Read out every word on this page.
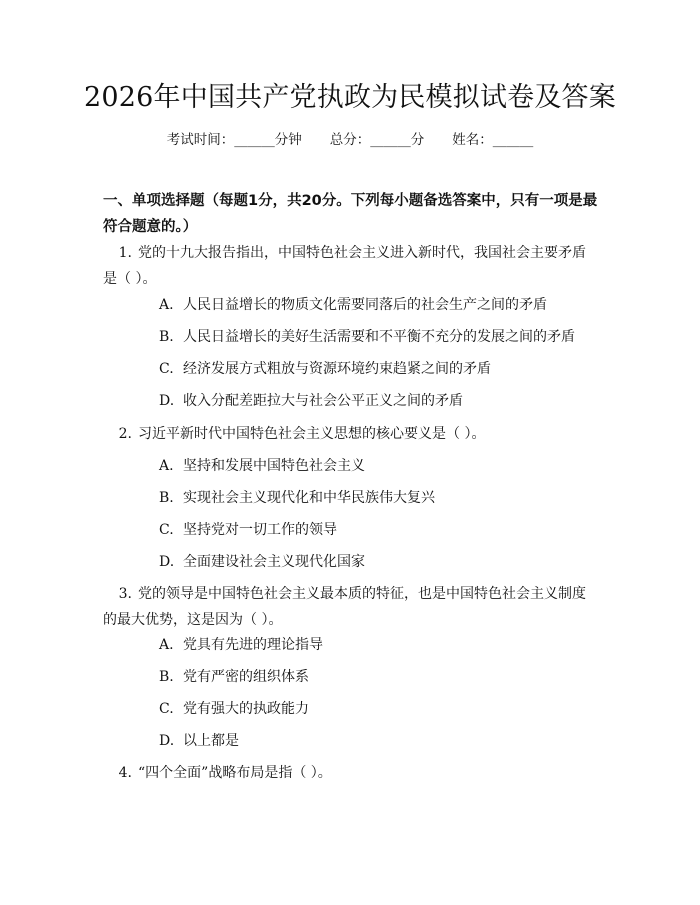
2026年中国共产党执政为民模拟试卷及答案
考试时间：______分钟 总分：______分 姓名：______
一、单项选择题（每题1分，共20分。下列每小题备选答案中，只有一项是最符合题意的。）
1. 党的十九大报告指出，中国特色社会主义进入新时代，我国社会主要矛盾是（ ）。
A. 人民日益增长的物质文化需要同落后的社会生产之间的矛盾
B. 人民日益增长的美好生活需要和不平衡不充分的发展之间的矛盾
C. 经济发展方式粗放与资源环境约束趋紧之间的矛盾
D. 收入分配差距拉大与社会公平正义之间的矛盾
2. 习近平新时代中国特色社会主义思想的核心要义是（ ）。
A. 坚持和发展中国特色社会主义
B. 实现社会主义现代化和中华民族伟大复兴
C. 坚持党对一切工作的领导
D. 全面建设社会主义现代化国家
3. 党的领导是中国特色社会主义最本质的特征，也是中国特色社会主义制度的最大优势，这是因为（ ）。
A. 党具有先进的理论指导
B. 党有严密的组织体系
C. 党有强大的执政能力
D. 以上都是
4. “四个全面”战略布局是指（ ）。
